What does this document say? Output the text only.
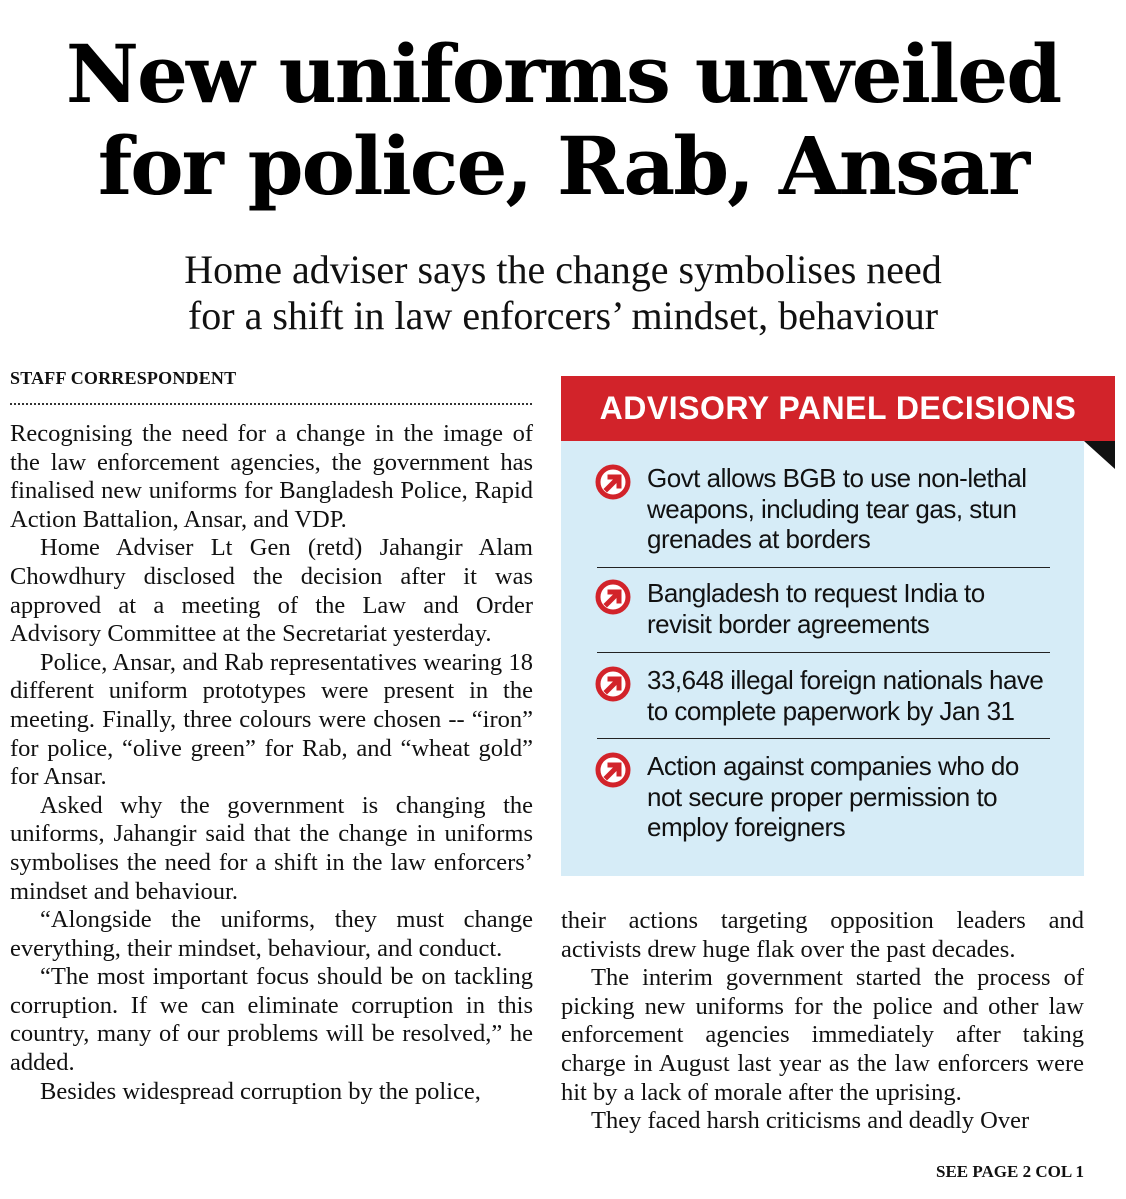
New uniforms unveiled
for police, Rab, Ansar
Home adviser says the change symbolises need
for a shift in law enforcers’ mindset, behaviour
STAFF CORRESPONDENT

Recognising the need for a change in the image of the law enforcement agencies, the government has finalised new uniforms for Bangladesh Police, Rapid Action Battalion, Ansar, and VDP.

Home Adviser Lt Gen (retd) Jahangir Alam Chowdhury disclosed the decision after it was approved at a meeting of the Law and Order Advisory Committee at the Secretariat yesterday.

Police, Ansar, and Rab representatives wearing 18 different uniform prototypes were present in the meeting. Finally, three colours were chosen -- “iron” for police, “olive green” for Rab, and “wheat gold” for Ansar.

Asked why the government is changing the uniforms, Jahangir said that the change in uniforms symbolises the need for a shift in the law enforcers’ mindset and behaviour.

“Alongside the uniforms, they must change everything, their mindset, behaviour, and conduct.

“The most important focus should be on tackling corruption. If we can eliminate corruption in this country, many of our problems will be resolved,” he added.

Besides widespread corruption by the police,

ADVISORY PANEL DECISIONS
Govt allows BGB to use non-lethal weapons, including tear gas, stun grenades at borders
Bangladesh to request India to revisit border agreements
33,648 illegal foreign nationals have to complete paperwork by Jan 31
Action against companies who do not secure proper permission to employ foreigners

their actions targeting opposition leaders and activists drew huge flak over the past decades.

The interim government started the process of picking new uniforms for the police and other law enforcement agencies immediately after taking charge in August last year as the law enforcers were hit by a lack of morale after the uprising.

They faced harsh criticisms and deadly Over

SEE PAGE 2 COL 1
